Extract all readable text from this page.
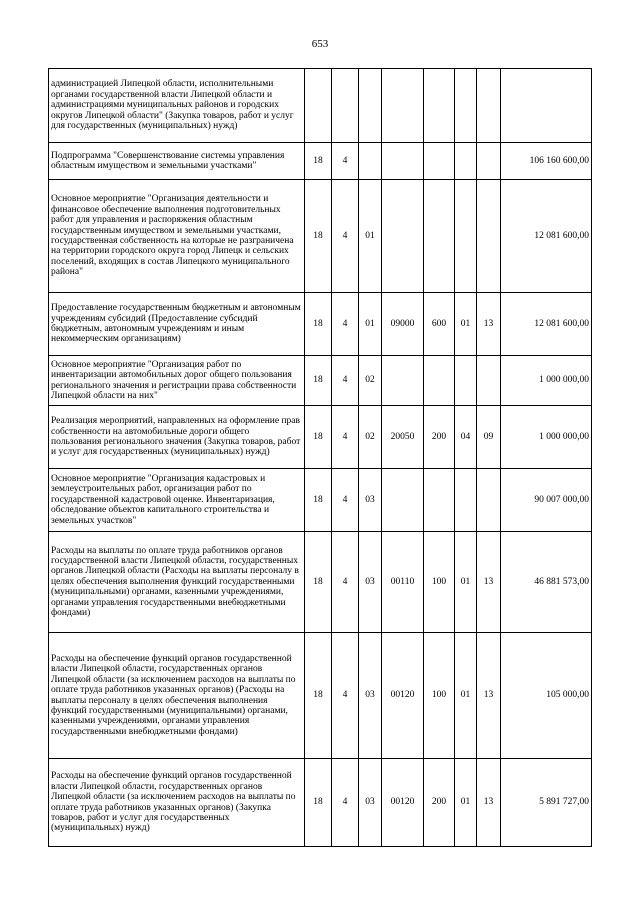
653
администрацией Липецкой области, исполнительными органами государственной власти Липецкой области и администрациями муниципальных районов и городских округов Липецкой области" (Закупка товаров, работ и услуг для государственных (муниципальных) нужд)								
Подпрограмма "Совершенствование системы управления областным имуществом и земельными участками"	18	4						106 160 600,00
Основное мероприятие "Организация деятельности и финансовое обеспечение выполнения подготовительных работ для управления и распоряжения областным государственным имуществом и земельными участками, государственная собственность на которые не разграничена на территории городского округа город Липецк и сельских поселений, входящих в состав Липецкого муниципального района"	18	4	01					12 081 600,00
Предоставление государственным бюджетным и автономным учреждениям субсидий (Предоставление субсидий бюджетным, автономным учреждениям и иным некоммерческим организациям)	18	4	01	09000	600	01	13	12 081 600,00
Основное мероприятие "Организация работ по инвентаризации автомобильных дорог общего пользования регионального значения и регистрации права собственности Липецкой области на них"	18	4	02					1 000 000,00
Реализация мероприятий, направленных на оформление прав собственности на автомобильные дороги общего пользования регионального значения (Закупка товаров, работ и услуг для государственных (муниципальных) нужд)	18	4	02	20050	200	04	09	1 000 000,00
Основное мероприятие "Организация кадастровых и землеустроительных работ, организация работ по государственной кадастровой оценке. Инвентаризация, обследование объектов капитального строительства и земельных участков"	18	4	03					90 007 000,00
Расходы на выплаты по оплате труда работников органов государственной власти Липецкой области, государственных органов Липецкой области (Расходы на выплаты персоналу в целях обеспечения выполнения функций государственными (муниципальными) органами, казенными учреждениями, органами управления государственными внебюджетными фондами)	18	4	03	00110	100	01	13	46 881 573,00
Расходы на обеспечение функций органов государственной власти Липецкой области, государственных органов Липецкой области (за исключением расходов на выплаты по оплате труда работников указанных органов) (Расходы на выплаты персоналу в целях обеспечения выполнения функций государственными (муниципальными) органами, казенными учреждениями, органами управления государственными внебюджетными фондами)	18	4	03	00120	100	01	13	105 000,00
Расходы на обеспечение функций органов государственной власти Липецкой области, государственных органов Липецкой области (за исключением расходов на выплаты по оплате труда работников указанных органов) (Закупка товаров, работ и услуг для государственных (муниципальных) нужд)	18	4	03	00120	200	01	13	5 891 727,00
